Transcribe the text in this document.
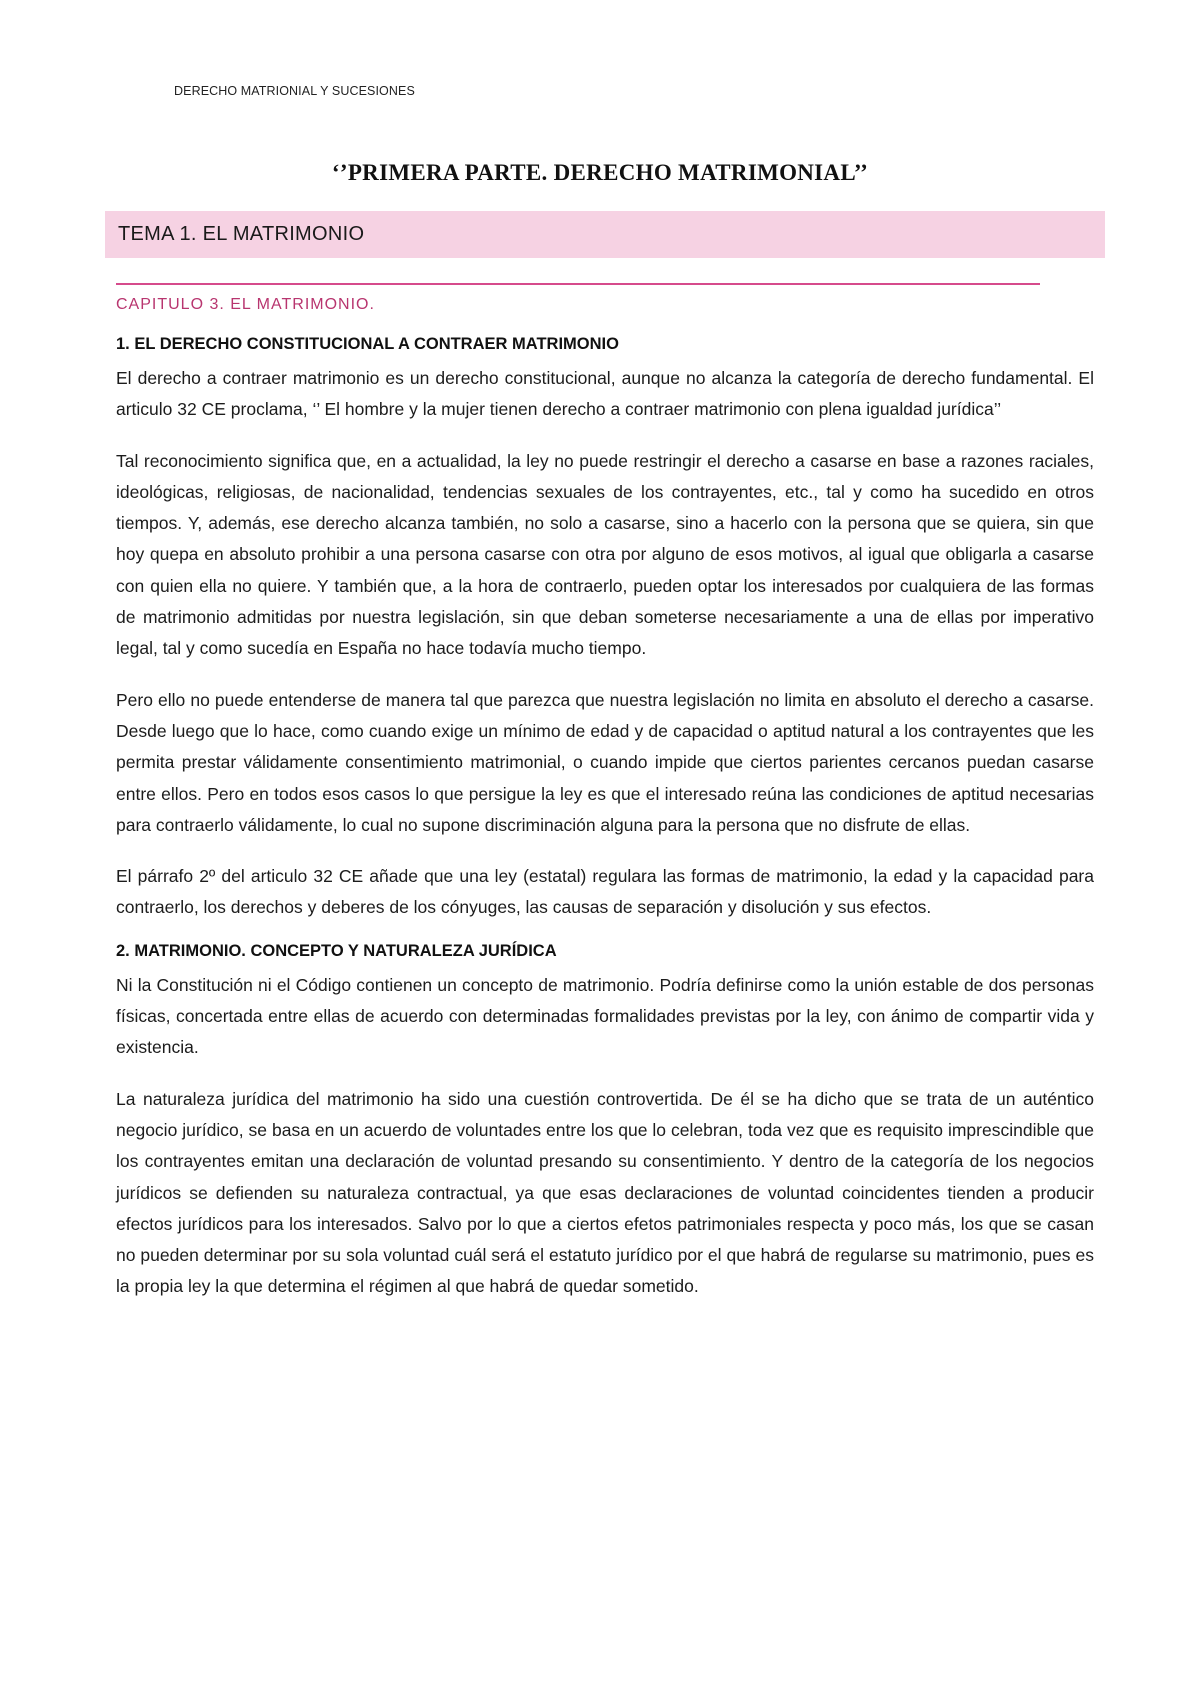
DERECHO MATRIONIAL Y SUCESIONES
‘’PRIMERA PARTE. DERECHO MATRIMONIAL’’
TEMA 1. EL MATRIMONIO
CAPITULO 3. EL MATRIMONIO.
1. EL DERECHO CONSTITUCIONAL A CONTRAER MATRIMONIO

El derecho a contraer matrimonio es un derecho constitucional, aunque no alcanza la categoría de derecho fundamental. El articulo 32 CE proclama, ‘’ El hombre y la mujer tienen derecho a contraer matrimonio con plena igualdad jurídica’’

Tal reconocimiento significa que, en a actualidad, la ley no puede restringir el derecho a casarse en base a razones raciales, ideológicas, religiosas, de nacionalidad, tendencias sexuales de los contrayentes, etc., tal y como ha sucedido en otros tiempos. Y, además, ese derecho alcanza también, no solo a casarse, sino a hacerlo con la persona que se quiera, sin que hoy quepa en absoluto prohibir a una persona casarse con otra por alguno de esos motivos, al igual que obligarla a casarse con quien ella no quiere. Y también que, a la hora de contraerlo, pueden optar los interesados por cualquiera de las formas de matrimonio admitidas por nuestra legislación, sin que deban someterse necesariamente a una de ellas por imperativo legal, tal y como sucedía en España no hace todavía mucho tiempo.

Pero ello no puede entenderse de manera tal que parezca que nuestra legislación no limita en absoluto el derecho a casarse. Desde luego que lo hace, como cuando exige un mínimo de edad y de capacidad o aptitud natural a los contrayentes que les permita prestar válidamente consentimiento matrimonial, o cuando impide que ciertos parientes cercanos puedan casarse entre ellos. Pero en todos esos casos lo que persigue la ley es que el interesado reúna las condiciones de aptitud necesarias para contraerlo válidamente, lo cual no supone discriminación alguna para la persona que no disfrute de ellas.

El párrafo 2º del articulo 32 CE añade que una ley (estatal) regulara las formas de matrimonio, la edad y la capacidad para contraerlo, los derechos y deberes de los cónyuges, las causas de separación y disolución y sus efectos.

2. MATRIMONIO. CONCEPTO Y NATURALEZA JURÍDICA

Ni la Constitución ni el Código contienen un concepto de matrimonio. Podría definirse como la unión estable de dos personas físicas, concertada entre ellas de acuerdo con determinadas formalidades previstas por la ley, con ánimo de compartir vida y existencia.

La naturaleza jurídica del matrimonio ha sido una cuestión controvertida. De él se ha dicho que se trata de un auténtico negocio jurídico, se basa en un acuerdo de voluntades entre los que lo celebran, toda vez que es requisito imprescindible que los contrayentes emitan una declaración de voluntad presando su consentimiento. Y dentro de la categoría de los negocios jurídicos se defienden su naturaleza contractual, ya que esas declaraciones de voluntad coincidentes tienden a producir efectos jurídicos para los interesados. Salvo por lo que a ciertos efetos patrimoniales respecta y poco más, los que se casan no pueden determinar por su sola voluntad cuál será el estatuto jurídico por el que habrá de regularse su matrimonio, pues es la propia ley la que determina el régimen al que habrá de quedar sometido.
